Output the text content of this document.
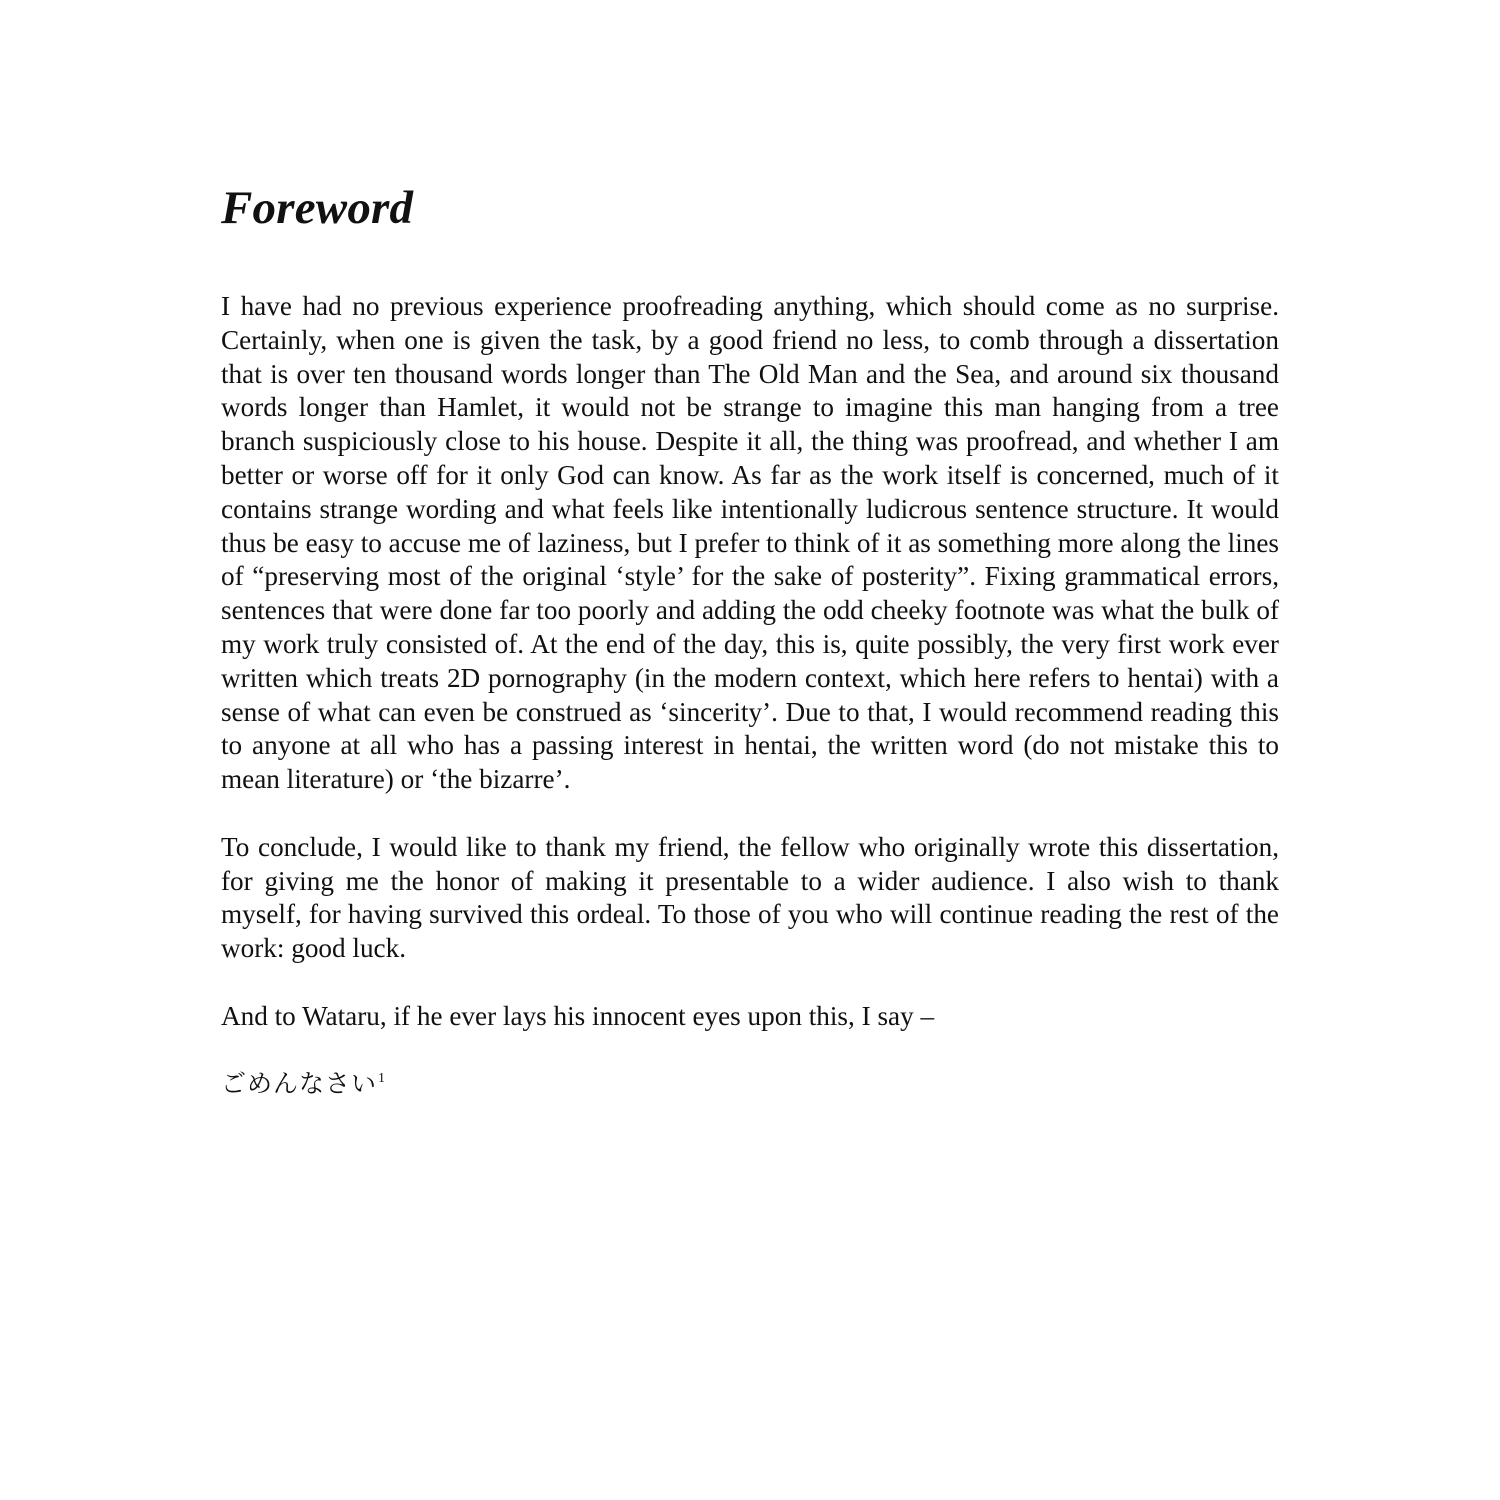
Foreword

I have had no previous experience proofreading anything, which should come as no surprise. Certainly, when one is given the task, by a good friend no less, to comb through a dissertation that is over ten thousand words longer than The Old Man and the Sea, and around six thousand words longer than Hamlet, it would not be strange to imagine this man hanging from a tree branch suspiciously close to his house. Despite it all, the thing was proofread, and whether I am better or worse off for it only God can know. As far as the work itself is concerned, much of it contains strange wording and what feels like intentionally ludicrous sentence structure. It would thus be easy to accuse me of laziness, but I prefer to think of it as something more along the lines of “preserving most of the original ‘style’ for the sake of posterity”. Fixing grammatical errors, sentences that were done far too poorly and adding the odd cheeky footnote was what the bulk of my work truly consisted of. At the end of the day, this is, quite possibly, the very first work ever written which treats 2D pornography (in the modern context, which here refers to hentai) with a sense of what can even be construed as ‘sincerity’. Due to that, I would recommend reading this to anyone at all who has a passing interest in hentai, the written word (do not mistake this to mean literature) or ‘the bizarre’.

To conclude, I would like to thank my friend, the fellow who originally wrote this dissertation, for giving me the honor of making it presentable to a wider audience. I also wish to thank myself, for having survived this ordeal. To those of you who will continue reading the rest of the work: good luck.

And to Wataru, if he ever lays his innocent eyes upon this, I say –

ごめんなさい$^1$
